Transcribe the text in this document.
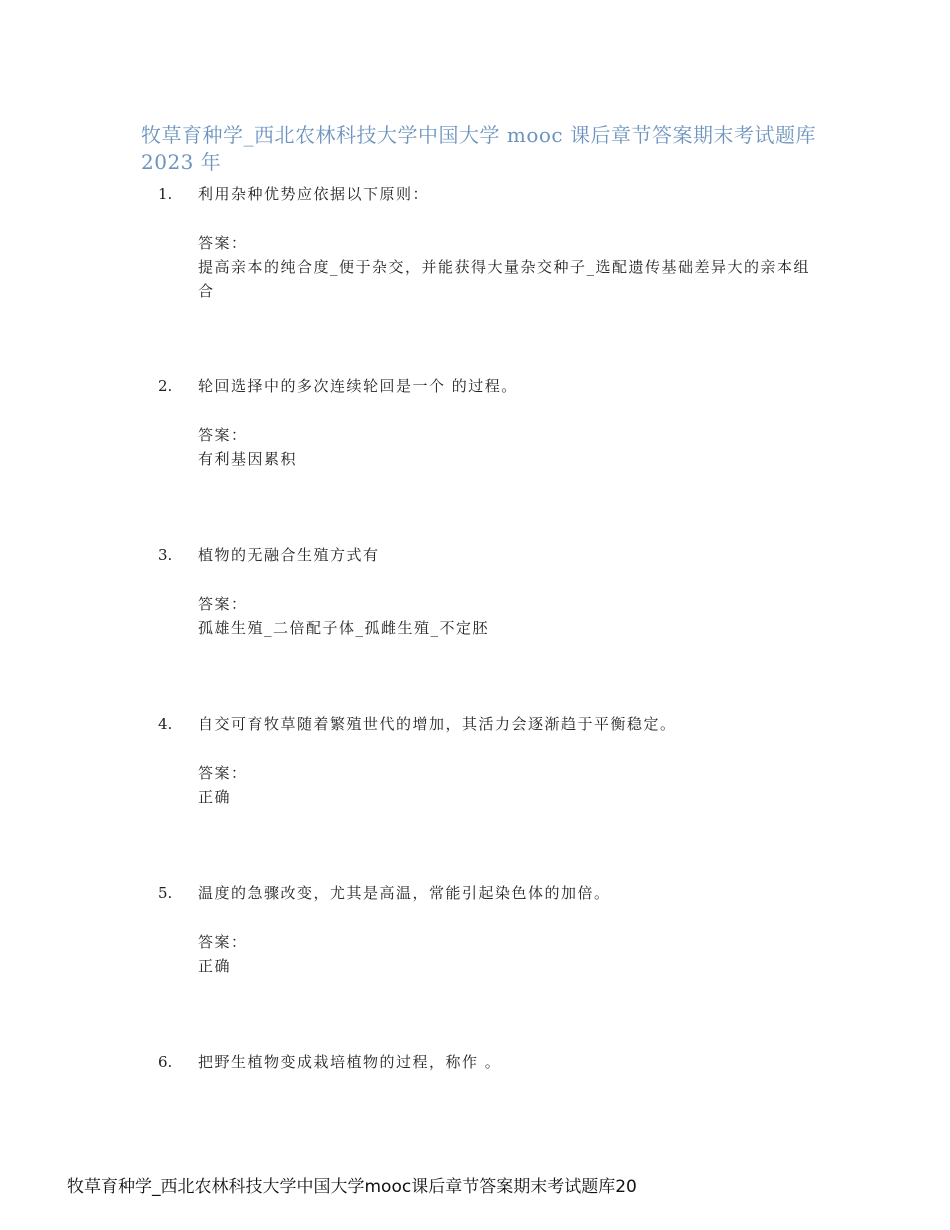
牧草育种学_西北农林科技大学中国大学 mooc 课后章节答案期末考试题库 2023 年
1. 利用杂种优势应依据以下原则：
答案：
提高亲本的纯合度_便于杂交，并能获得大量杂交种子_选配遗传基础差异大的亲本组合
2. 轮回选择中的多次连续轮回是一个 的过程。
答案：
有利基因累积
3. 植物的无融合生殖方式有
答案：
孤雄生殖_二倍配子体_孤雌生殖_不定胚
4. 自交可育牧草随着繁殖世代的增加，其活力会逐渐趋于平衡稳定。
答案：
正确
5. 温度的急骤改变，尤其是高温，常能引起染色体的加倍。
答案：
正确
6. 把野生植物变成栽培植物的过程，称作 。
牧草育种学_西北农林科技大学中国大学mooc课后章节答案期末考试题库20
